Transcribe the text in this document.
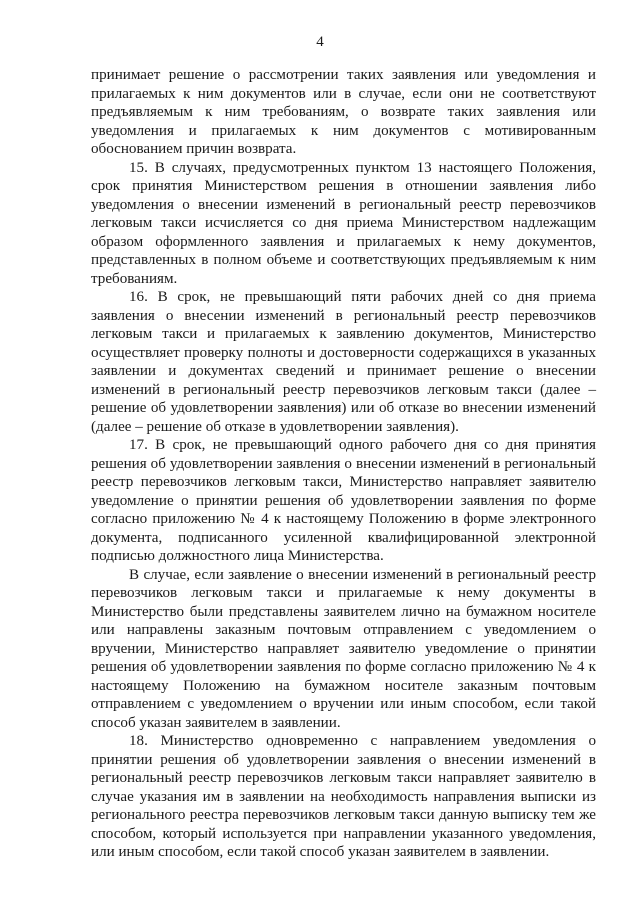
4

принимает решение о рассмотрении таких заявления или уведомления и прилагаемых к ним документов или в случае, если они не соответствуют предъявляемым к ним требованиям, о возврате таких заявления или уведомления и прилагаемых к ним документов с мотивированным обоснованием причин возврата.

15. В случаях, предусмотренных пунктом 13 настоящего Положения, срок принятия Министерством решения в отношении заявления либо уведомления о внесении изменений в региональный реестр перевозчиков легковым такси исчисляется со дня приема Министерством надлежащим образом оформленного заявления и прилагаемых к нему документов, представленных в полном объеме и соответствующих предъявляемым к ним требованиям.

16. В срок, не превышающий пяти рабочих дней со дня приема заявления о внесении изменений в региональный реестр перевозчиков легковым такси и прилагаемых к заявлению документов, Министерство осуществляет проверку полноты и достоверности содержащихся в указанных заявлении и документах сведений и принимает решение о внесении изменений в региональный реестр перевозчиков легковым такси (далее – решение об удовлетворении заявления) или об отказе во внесении изменений (далее – решение об отказе в удовлетворении заявления).

17. В срок, не превышающий одного рабочего дня со дня принятия решения об удовлетворении заявления о внесении изменений в региональный реестр перевозчиков легковым такси, Министерство направляет заявителю уведомление о принятии решения об удовлетворении заявления по форме согласно приложению № 4 к настоящему Положению в форме электронного документа, подписанного усиленной квалифицированной электронной подписью должностного лица Министерства.

В случае, если заявление о внесении изменений в региональный реестр перевозчиков легковым такси и прилагаемые к нему документы в Министерство были представлены заявителем лично на бумажном носителе или направлены заказным почтовым отправлением с уведомлением о вручении, Министерство направляет заявителю уведомление о принятии решения об удовлетворении заявления по форме согласно приложению № 4 к настоящему Положению на бумажном носителе заказным почтовым отправлением с уведомлением о вручении или иным способом, если такой способ указан заявителем в заявлении.

18. Министерство одновременно с направлением уведомления о принятии решения об удовлетворении заявления о внесении изменений в региональный реестр перевозчиков легковым такси направляет заявителю в случае указания им в заявлении на необходимость направления выписки из регионального реестра перевозчиков легковым такси данную выписку тем же способом, который используется при направлении указанного уведомления, или иным способом, если такой способ указан заявителем в заявлении.
